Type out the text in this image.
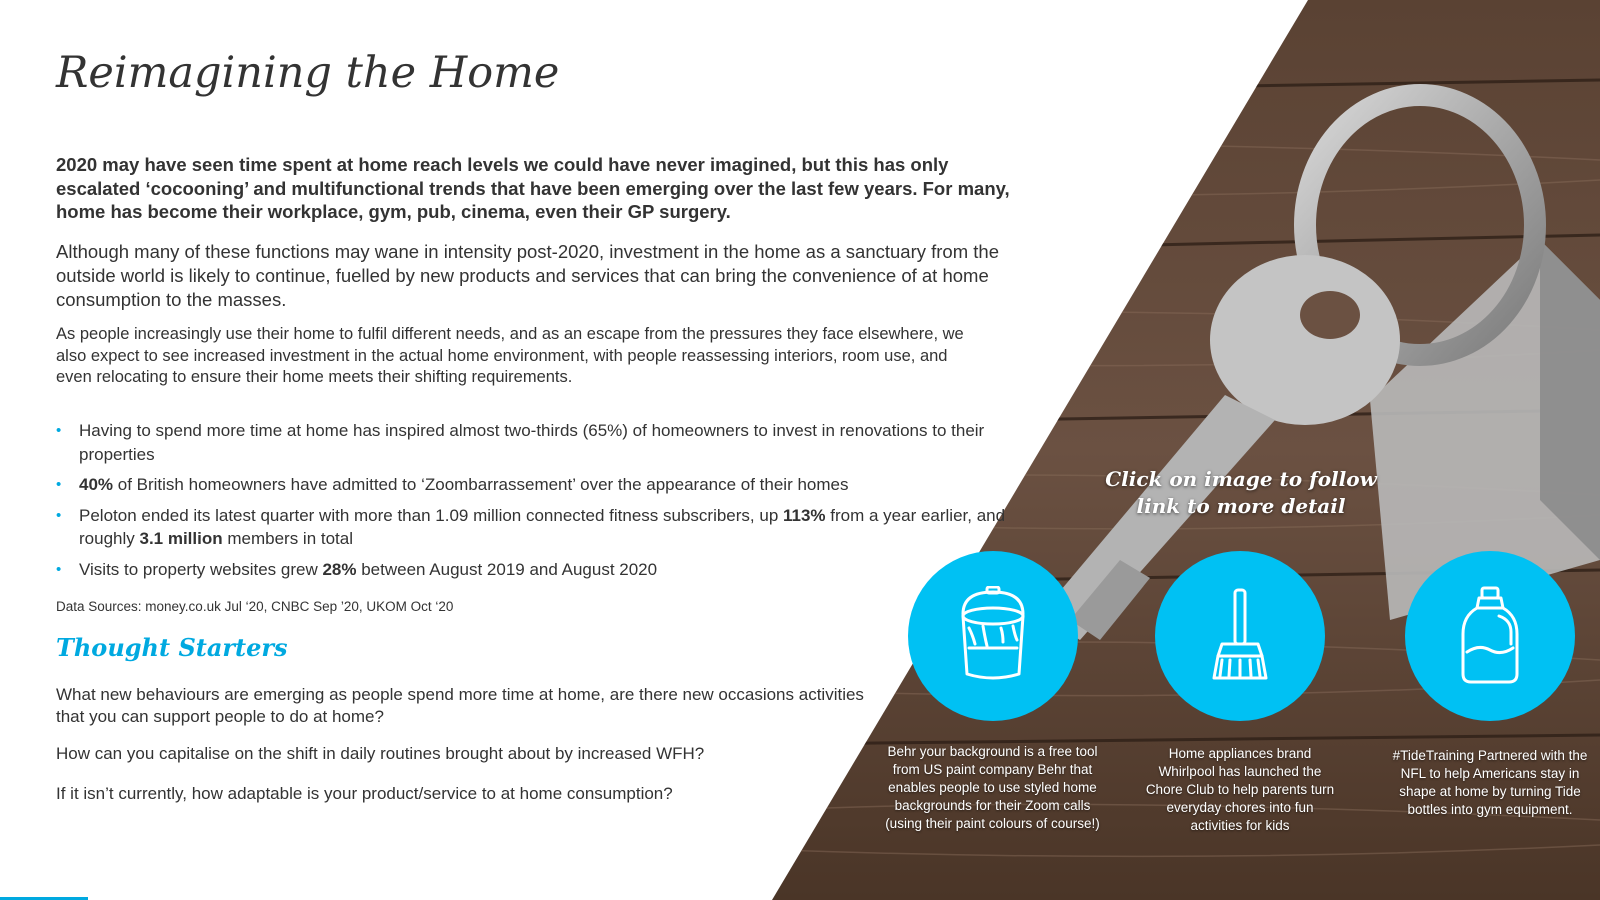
Reimagining the Home

2020 may have seen time spent at home reach levels we could have never imagined, but this has only escalated ‘cocooning’ and multifunctional trends that have been emerging over the last few years. For many, home has become their workplace, gym, pub, cinema, even their GP surgery.

Although many of these functions may wane in intensity post-2020, investment in the home as a sanctuary from the outside world is likely to continue, fuelled by new products and services that can bring the convenience of at home consumption to the masses.

As people increasingly use their home to fulfil different needs, and as an escape from the pressures they face elsewhere, we also expect to see increased investment in the actual home environment, with people reassessing interiors, room use, and even relocating to ensure their home meets their shifting requirements.

• Having to spend more time at home has inspired almost two-thirds (65%) of homeowners to invest in renovations to their properties
• 40% of British homeowners have admitted to ‘Zoombarrassement’ over the appearance of their homes
• Peloton ended its latest quarter with more than 1.09 million connected fitness subscribers, up 113% from a year earlier, and roughly 3.1 million members in total
• Visits to property websites grew 28% between August 2019 and August 2020

Data Sources: money.co.uk Jul ‘20, CNBC Sep ’20, UKOM Oct ‘20

Thought Starters

What new behaviours are emerging as people spend more time at home, are there new occasions activities that you can support people to do at home?

How can you capitalise on the shift in daily routines brought about by increased WFH?

If it isn’t currently, how adaptable is your product/service to at home consumption?

Click on image to follow
link to more detail
Behr your background is a free tool from US paint company Behr that enables people to use styled home backgrounds for their Zoom calls (using their paint colours of course!)
Home appliances brand Whirlpool has launched the Chore Club to help parents turn everyday chores into fun activities for kids
#TideTraining Partnered with the NFL to help Americans stay in shape at home by turning Tide bottles into gym equipment.
